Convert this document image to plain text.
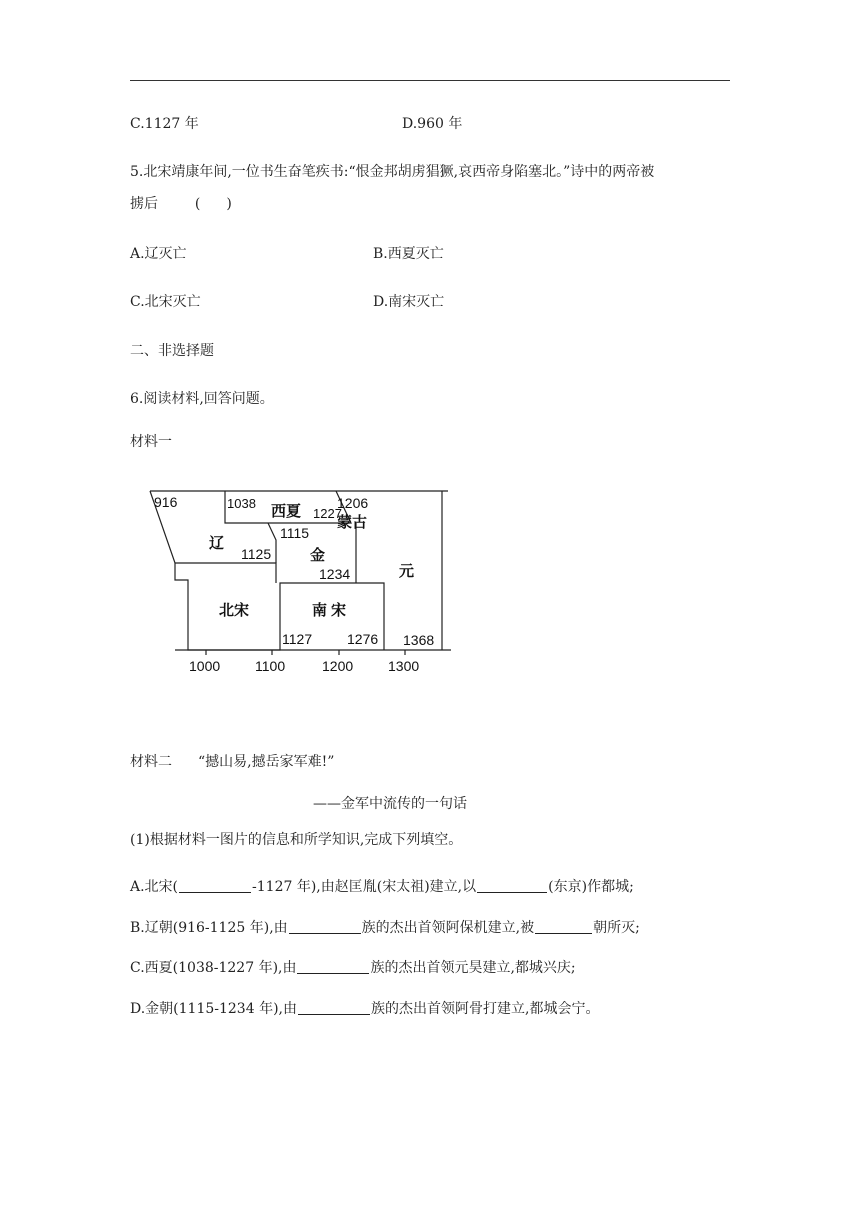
C.1127 年	D.960 年
5.北宋靖康年间,一位书生奋笔疾书:“恨金邦胡虏猖獗,哀西帝身陷塞北。”诗中的两帝被
掳后	( )
A.辽灭亡	B.西夏灭亡
C.北宋灭亡	D.南宋灭亡
二、非选择题
6.阅读材料,回答问题。
材料一
916	1038 西夏 1227
1206
蒙古
辽
1115
1125	金
1234	元
北宋	南宋
1127 1276 1368
1000 1100	1200 1300
材料二 “撼山易,撼岳家军难!”
——金军中流传的一句话
(1)根据材料一图片的信息和所学知识,完成下列填空。
A.北宋(	-1127 年),由赵匡胤(宋太祖)建立,以	(东京)作都城;
B.辽朝(916-1125 年),由	族的杰出首领阿保机建立,被	朝所灭;
C.西夏(1038-1227 年),由	族的杰出首领元昊建立,都城兴庆;
D.金朝(1115-1234 年),由	族的杰出首领阿骨打建立,都城会宁。
